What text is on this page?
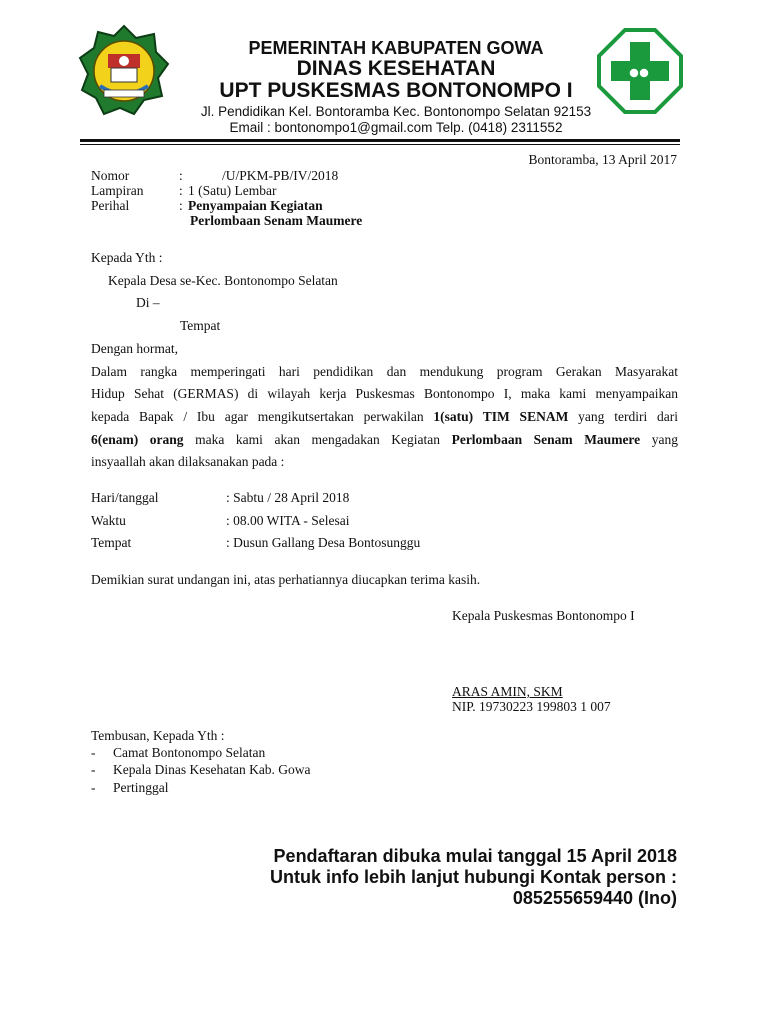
PEMERINTAH KABUPATEN GOWA
DINAS KESEHATAN
UPT PUSKESMAS BONTONOMPO I
Jl. Pendidikan Kel. Bontoramba Kec. Bontonompo Selatan 92153
Email : bontonompo1@gmail.com Telp. (0418) 2311552
Bontoramba, 13 April 2017
Nomor	:	/U/PKM-PB/IV/2018
Lampiran	: 1 (Satu) Lembar
Perihal	: Penyampaian Kegiatan
Perlombaan Senam Maumere
Kepada Yth :
Kepala Desa se-Kec. Bontonompo Selatan
Di –
Tempat
Dengan hormat,
Dalam rangka memperingati hari pendidikan dan mendukung program Gerakan Masyarakat
Hidup Sehat (GERMAS) di wilayah kerja Puskesmas Bontonompo I, maka kami menyampaikan
kepada Bapak / Ibu agar mengikutsertakan perwakilan 1(satu) TIM SENAM yang terdiri dari
6(enam) orang maka kami akan mengadakan Kegiatan Perlombaan Senam Maumere yang
insyaallah akan dilaksanakan pada :
Hari/tanggal	: Sabtu / 28 April 2018
Waktu	: 08.00 WITA - Selesai
Tempat	: Dusun Gallang Desa Bontosunggu
Demikian surat undangan ini, atas perhatiannya diucapkan terima kasih.
Kepala Puskesmas Bontonompo I
ARAS AMIN, SKM
NIP. 19730223 199803 1 007
Tembusan, Kepada Yth :
- Camat Bontonompo Selatan
- Kepala Dinas Kesehatan Kab. Gowa
- Pertinggal
Pendaftaran dibuka mulai tanggal 15 April 2018
Untuk info lebih lanjut hubungi Kontak person :
085255659440 (Ino)
